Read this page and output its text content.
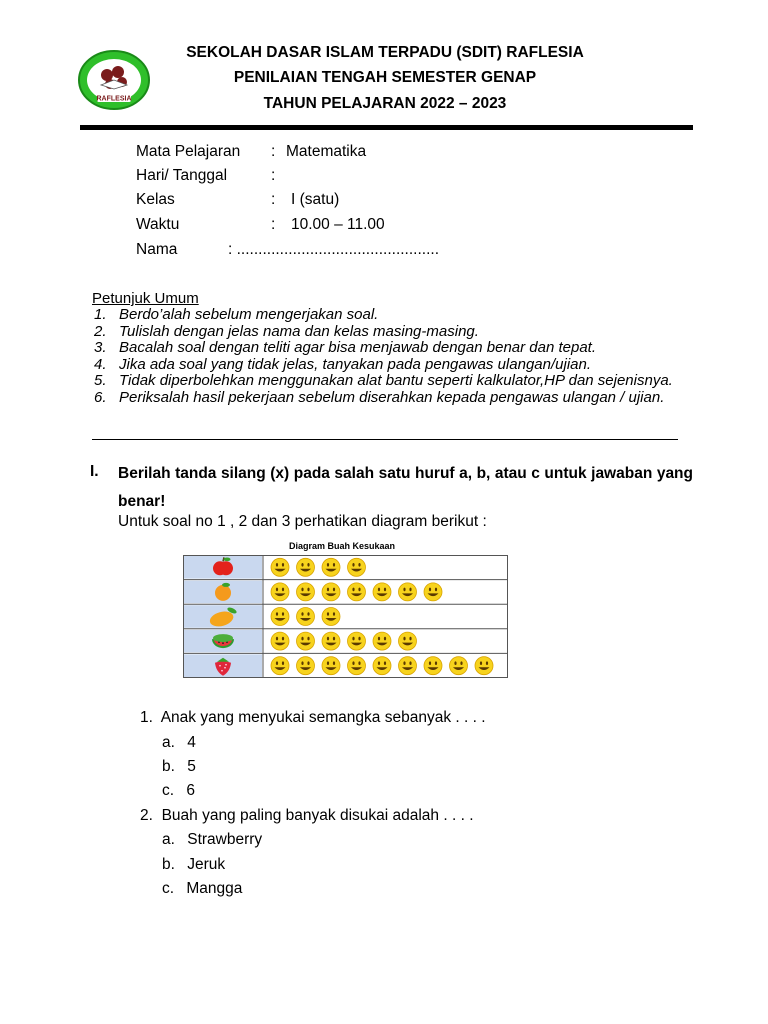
RAFLESIA
SEKOLAH DASAR ISLAM TERPADU (SDIT) RAFLESIA
PENILAIAN TENGAH SEMESTER GENAP
TAHUN PELAJARAN 2022 – 2023
Mata Pelajaran : Matematika
Hari/ Tanggal	:
Kelas	: I (satu)
Waktu	: 10.00 – 11.00
Nama	: ...............................................
Petunjuk Umum
1. Berdo’alah sebelum mengerjakan soal.
2. Tulislah dengan jelas nama dan kelas masing-masing.
3. Bacalah soal dengan teliti agar bisa menjawab dengan benar dan tepat.
4. Jika ada soal yang tidak jelas, tanyakan pada pengawas ulangan/ujian.
5. Tidak diperbolehkan menggunakan alat bantu seperti kalkulator,HP dan sejenisnya.
6. Periksalah hasil pekerjaan sebelum diserahkan kepada pengawas ulangan / ujian.
I. Berilah tanda silang (x) pada salah satu huruf a, b, atau c untuk jawaban yang benar!
Untuk soal no 1 , 2 dan 3 perhatikan diagram berikut :
Diagram Buah Kesukaan
1. Anak yang menyukai semangka sebanyak . . . .
a. 4
b. 5
c. 6
2. Buah yang paling banyak disukai adalah . . . .
a. Strawberry
b. Jeruk
c. Mangga
